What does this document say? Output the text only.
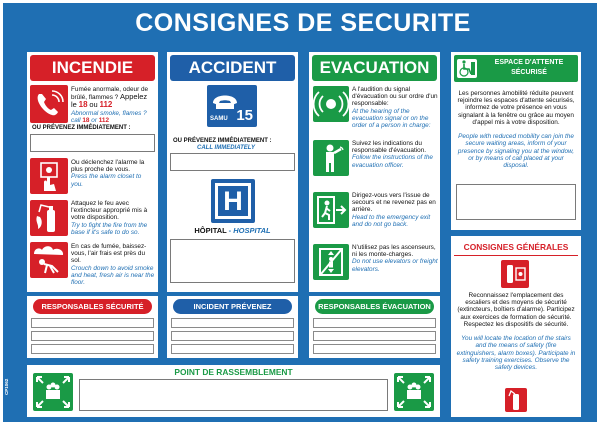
CONSIGNES DE SECURITE
INCENDIE
Fumée anormale, odeur de brûlé, flammes ? Appelez le 18 ou 112
Abnormal smoke, flames ?
call 18 or 112
OU PRÉVENEZ IMMÉDIATEMENT :
Ou déclenchez l'alarme la plus proche de vous.
Press the alarm closet to you.
Attaquez le feu avec l'extincteur approprié mis à votre disposition.
Try to fight the fire from the base if it's safe to do so.
En cas de fumée, baissez-vous, l'air frais est près du sol.
Crouch down to avoid smoke and heat, fresh air is near the floor.
ACCIDENT
SAMU 15
OU PRÉVENEZ IMMÉDIATEMENT :
CALL IMMEDIATELY
H
HÔPITAL - HOSPITAL
EVACUATION
A l'audition du signal d'évacuation ou sur ordre d'un responsable:
At the hearing of the evacuation signal or on the order of a person in charge:
Suivez les indications du responsable d'évacuation.
Follow the instructions of the evacuation officer.
Dirigez-vous vers l'issue de secours et ne revenez pas en arrière.
Head to the emergency exit and do not go back.
N'utilisez pas les ascenseurs, ni les monte-charges.
Do not use elevators or freight elevators.
ESPACE D'ATTENTE
SÉCURISÉ
Les personnes àmobilité réduite peuvent rejoindre les espaces d'attente sécurisés, informez de votre présence en vous signalant à la fenêtre ou grâce au moyen d'appel mis à votre disposition.

People with reduced mobility can join the secure waiting areas, inform of your presence by signaling you at the window, or by means of call placed at your disposal.
CONSIGNES GÉNÉRALES
Reconnaissez l'emplacement des escaliers et des moyens de sécurité (extincteurs, boîtiers d'alarme). Participez aux exercices de formation de sécurité. Respectez les dispositifs de sécurité.

You will locate the location of the stairs and the means of safety (fire extinguishers, alarm boxes). Participate in safety training exercises. Observe the safety devices.
RESPONSABLES SÉCURITÉ	INCIDENT PRÉVENEZ	RESPONSABLES ÉVACUATION
POINT DE RASSEMBLEMENT
CP1062
